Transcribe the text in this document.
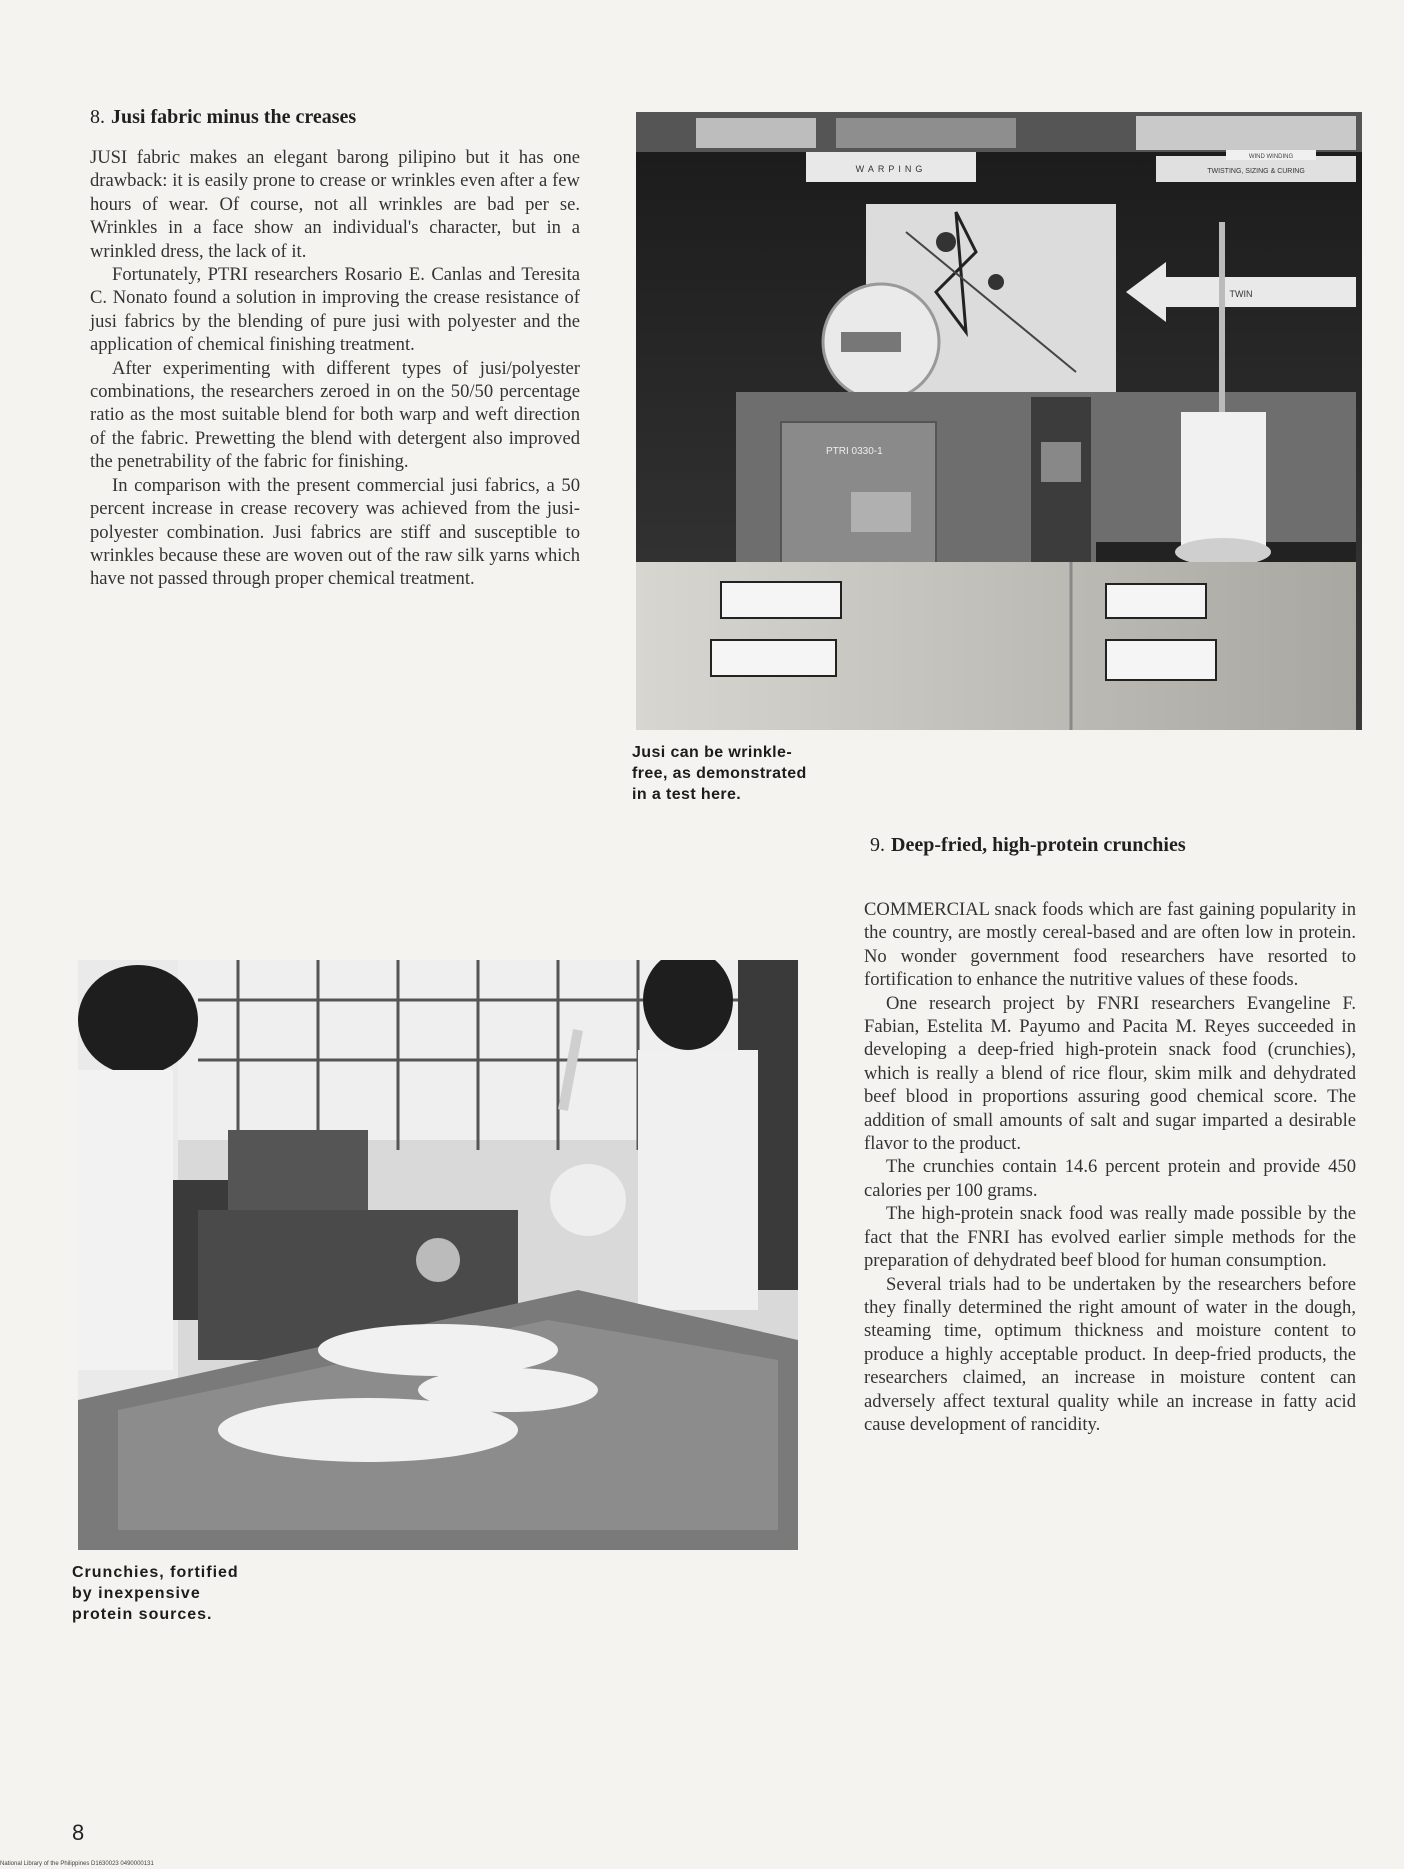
8. Jusi fabric minus the creases

JUSI fabric makes an elegant barong pilipino but it has one drawback: it is easily prone to crease or wrinkles even after a few hours of wear. Of course, not all wrinkles are bad per se. Wrinkles in a face show an individual's character, but in a wrinkled dress, the lack of it.

Fortunately, PTRI researchers Rosario E. Canlas and Teresita C. Nonato found a solution in improving the crease resistance of jusi fabrics by the blending of pure jusi with polyester and the application of chemical finishing treatment.

After experimenting with different types of jusi/polyester combinations, the researchers zeroed in on the 50/50 percentage ratio as the most suitable blend for both warp and weft direction of the fabric. Prewetting the blend with detergent also improved the penetrability of the fabric for finishing.

In comparison with the present commercial jusi fabrics, a 50 percent increase in crease recovery was achieved from the jusi-polyester combination. Jusi fabrics are stiff and susceptible to wrinkles because these are woven out of the raw silk yarns which have not passed through proper chemical treatment.

WARPING	TWISTING, SIZING & CURING
WIND WINDING
TWIN
PTRI 0330-1
Jusi can be wrinkle-free, as demonstrated in a test here.
9. Deep-fried, high-protein crunchies

COMMERCIAL snack foods which are fast gaining popularity in the country, are mostly cereal-based and are often low in protein. No wonder government food researchers have resorted to fortification to enhance the nutritive values of these foods.

One research project by FNRI researchers Evangeline F. Fabian, Estelita M. Payumo and Pacita M. Reyes succeeded in developing a deep-fried high-protein snack food (crunchies), which is really a blend of rice flour, skim milk and dehydrated beef blood in proportions assuring good chemical score. The addition of small amounts of salt and sugar imparted a desirable flavor to the product.

The crunchies contain 14.6 percent protein and provide 450 calories per 100 grams.

The high-protein snack food was really made possible by the fact that the FNRI has evolved earlier simple methods for the preparation of dehydrated beef blood for human consumption.

Several trials had to be undertaken by the researchers before they finally determined the right amount of water in the dough, steaming time, optimum thickness and moisture content to produce a highly acceptable product. In deep-fried products, the researchers claimed, an increase in moisture content can adversely affect textural quality while an increase in fatty acid cause development of rancidity.

Crunchies, fortified by inexpensive protein sources.
8
National Library of the Philippines D1630023 0490000131
